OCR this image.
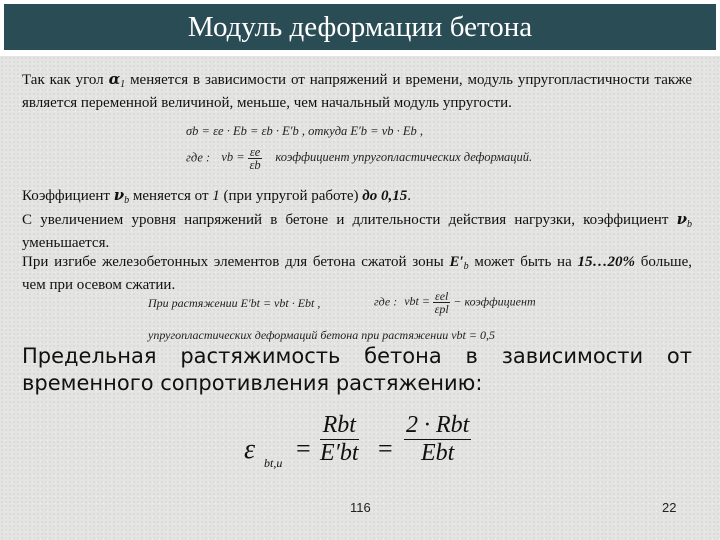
Модуль деформации бетона
Так как угол $\alpha_1$ меняется в зависимости от напряжений и времени, модуль упругопластичности также является переменной величиной, меньше, чем начальный модуль упругости.
σb = εe · Eb = εb · E′b , откуда E′b = νb · Eb ,
где : $\nu b = \frac{\varepsilon e}{\varepsilon b}$ коэффициент упругопластических деформаций.
Коэффициент $\nu_b$ меняется от 1 (при упругой работе) до 0,15.
С увеличением уровня напряжений в бетоне и длительности действия нагрузки, коэффициент $\nu_b$ уменьшается.
При изгибе железобетонных элементов для бетона сжатой зоны $E'_b$ может быть на 15…20% больше, чем при осевом сжатии.
При растяжении E′bt = νbt · Ebt ,	где : $\nu bt = \frac{\text{εel}}{\text{εpl}}$ − коэффициент
упругопластических деформаций бетона при растяжении νbt = 0,5
Предельная растяжимость бетона в зависимости от временного сопротивления растяжению:
ε bt,u =
Rbt
E′bt =
2 · Rbt
Ebt
116	22
